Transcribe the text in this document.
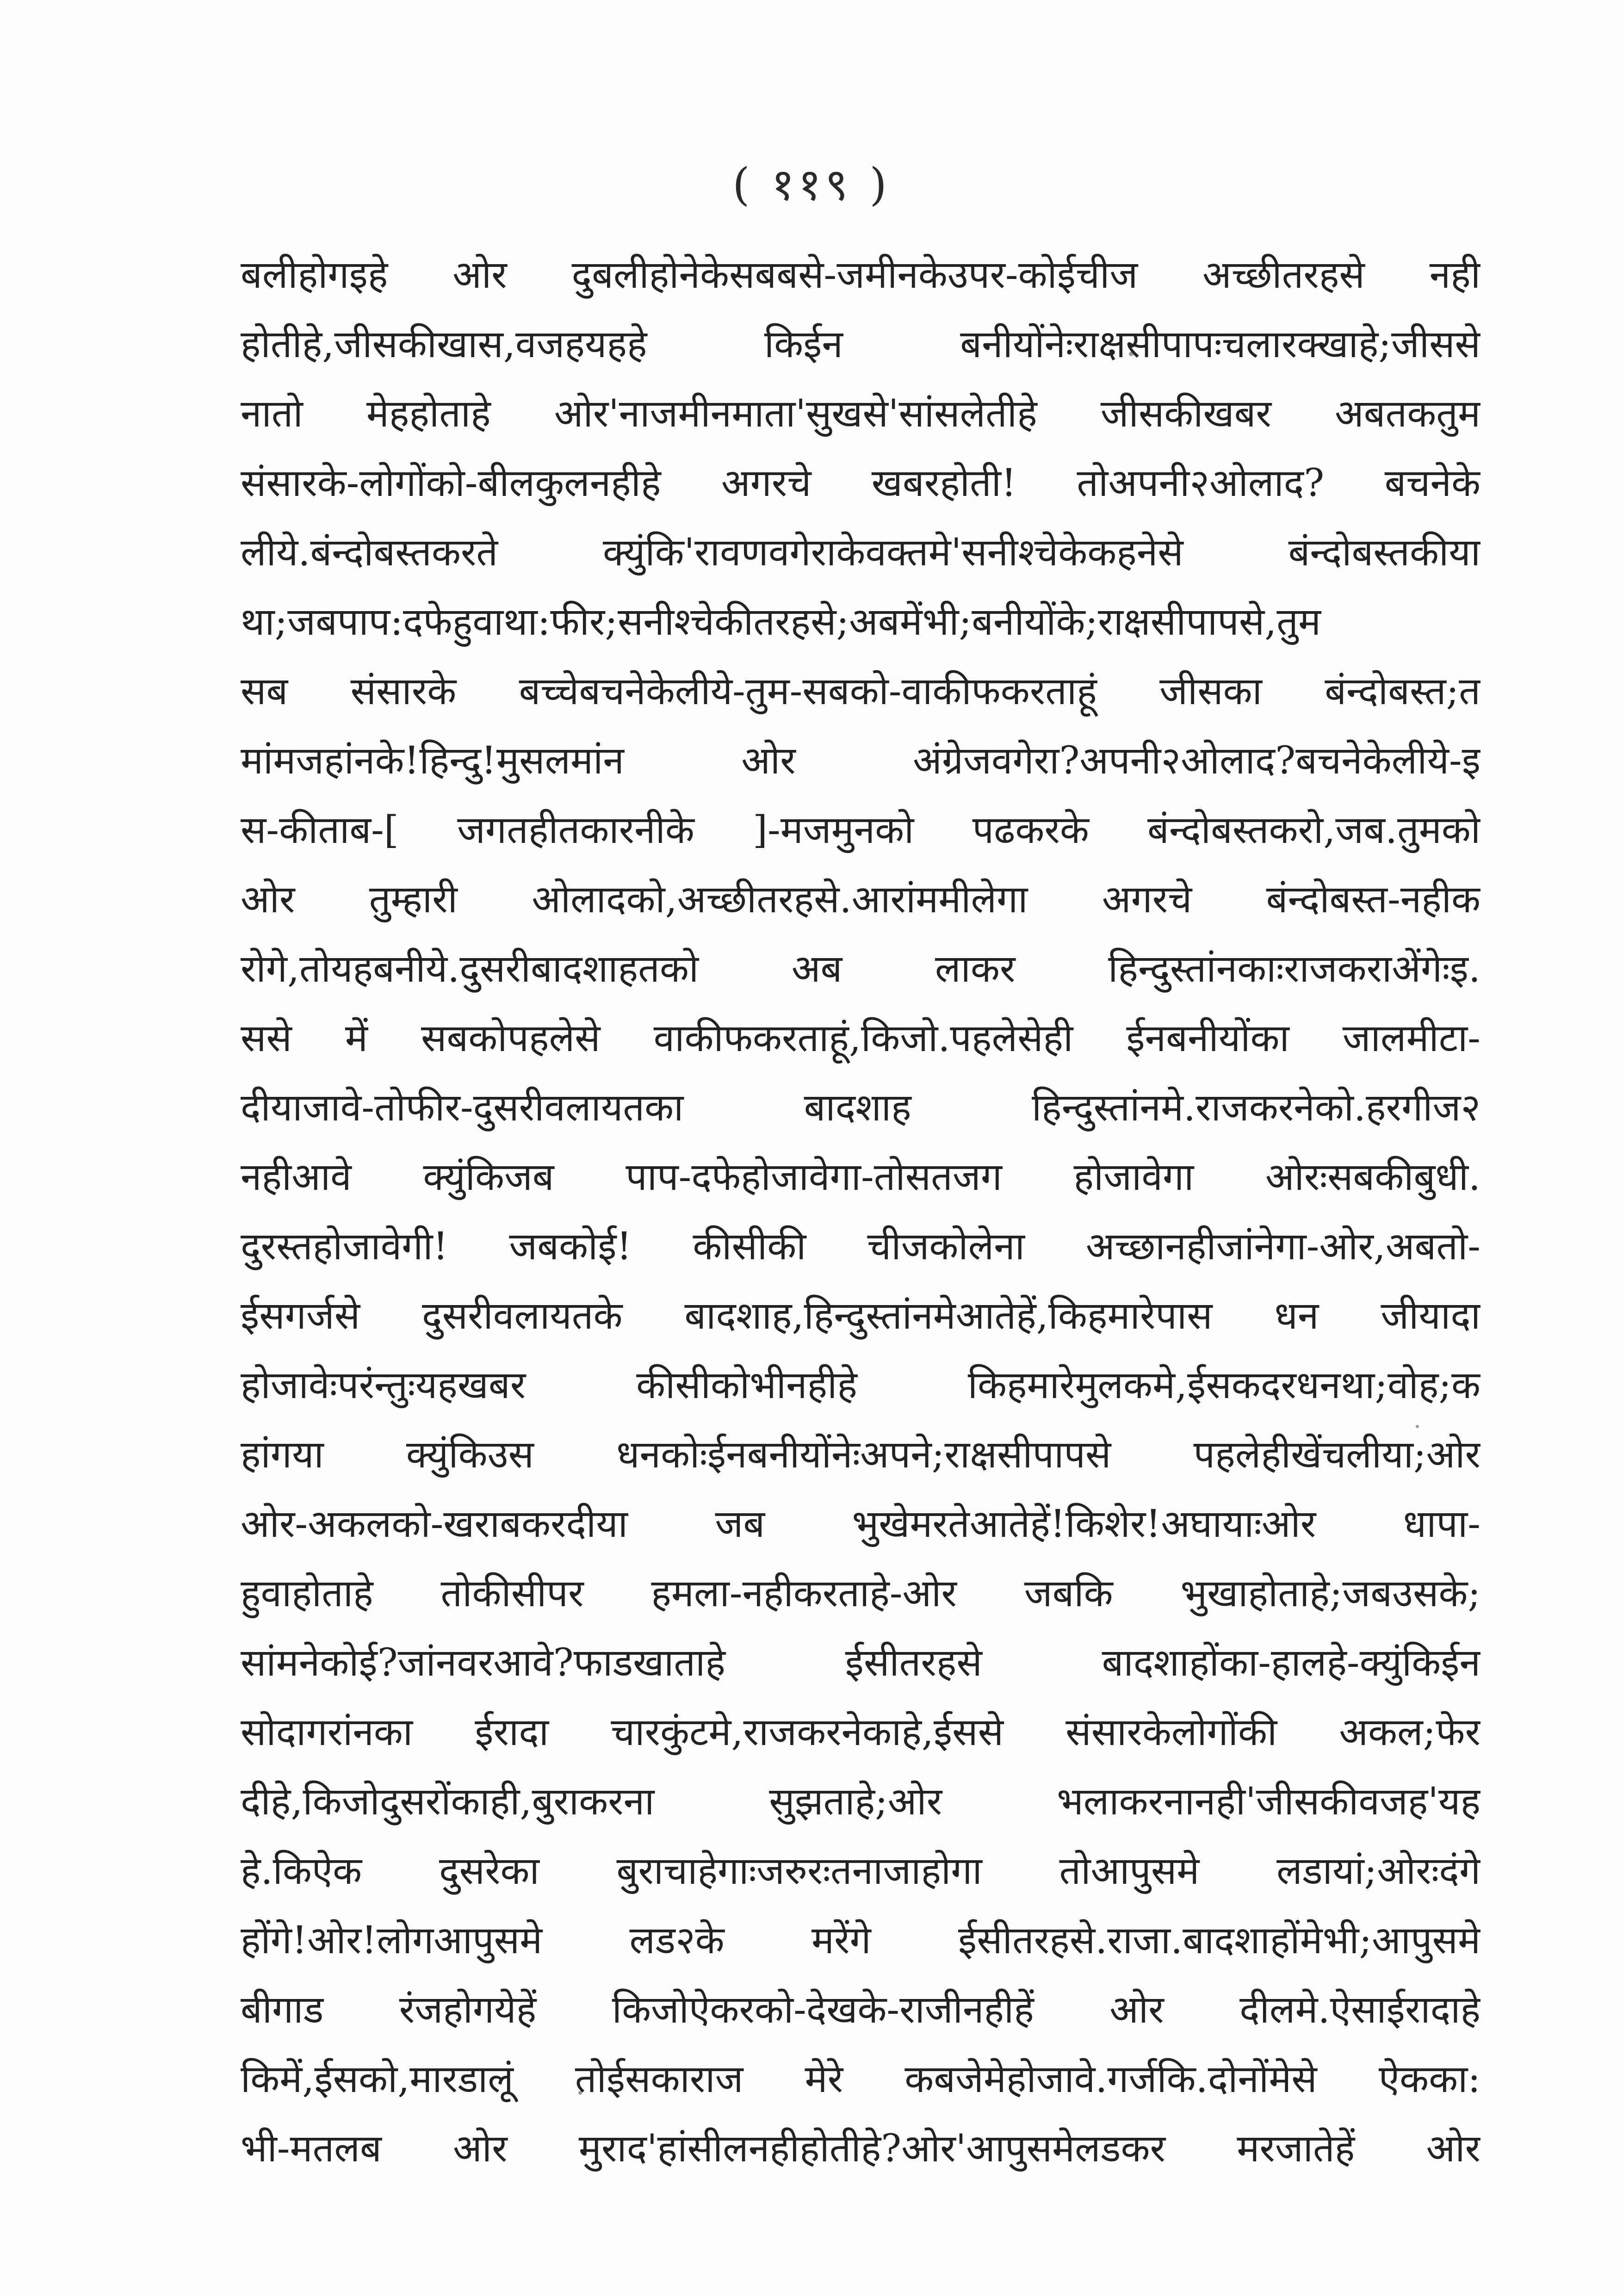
( ११९ )
बलीहोगइहे ओर दुबलीहोनेकेसबबसे-जमीनकेउपर-कोईचीज अच्छीतरहसे नही
होतीहे,जीसकीखास,वजहयहहे किईन बनीयोंनेःराक्षसीपापःचलारक्खाहे;जीससे
नातो मेहहोताहे ओर'नाजमीनमाता'सुखसे'सांसलेतीहे जीसकीखबर अबतकतुम
संसारके-लोगोंको-बीलकुलनहीहे अगरचे खबरहोती! तोअपनी२ओलाद? बचनेके
लीये.बंन्दोबस्तकरते क्युंकि'रावणवगेराकेवक्तमे'सनीश्चेकेकहनेसे बंन्दोबस्तकीया
था;जबपाप:दफेहुवाथा:फीर;सनीश्चेकीतरहसे;अबमेंभी;बनीयोंके;राक्षसीपापसे,तुम
सब संसारके बच्चेबचनेकेलीये-तुम-सबको-वाकीफकरताहूं जीसका बंन्दोबस्त;त
मांमजहांनके!हिन्दु!मुसलमांन ओर अंग्रेजवगेरा?अपनी२ओलाद?बचनेकेलीये-इ
स-कीताब-[ जगतहीतकारनीके ]-मजमुनको पढकरके बंन्दोबस्तकरो,जब.तुमको
ओर तुम्हारी ओलादको,अच्छीतरहसे.आरांममीलेगा अगरचे बंन्दोबस्त-नहीक
रोगे,तोयहबनीये.दुसरीबादशाहतको अब लाकर हिन्दुस्तांनकाःराजकराअेंगेःइ.
ससे में सबकोपहलेसे वाकीफकरताहूं,किजो.पहलेसेही ईनबनीयोंका जालमीटा-
दीयाजावे-तोफीर-दुसरीवलायतका बादशाह हिन्दुस्तांनमे.राजकरनेको.हरगीज२
नहीआवे क्युंकिजब पाप-दफेहोजावेगा-तोसतजग होजावेगा ओरःसबकीबुधी.
दुरस्तहोजावेगी! जबकोई! कीसीकी चीजकोलेना अच्छानहीजांनेगा-ओर,अबतो-
ईसगर्जसे दुसरीवलायतके बादशाह,हिन्दुस्तांनमेआतेहें,किहमारेपास धन जीयादा
होजावेःपरंन्तुःयहखबर कीसीकोभीनहीहे किहमारेमुलकमे,ईसकदरधनथा;वोह;क
हांगया क्युंकिउस धनकोःईनबनीयोंनेःअपने;राक्षसीपापसे पहलेहीखेंचलीया;ओर
ओर-अकलको-खराबकरदीया जब भुखेमरतेआतेहें!किशेर!अघायाःओर धापा-
हुवाहोताहे तोकीसीपर हमला-नहीकरताहे-ओर जबकि भुखाहोताहे;जबउसके;
सांमनेकोई?जांनवरआवे?फाडखाताहे ईसीतरहसे बादशाहोंका-हालहे-क्युंकिईन
सोदागरांनका ईरादा चारकुंटमे,राजकरनेकाहे,ईससे संसारकेलोगोंकी अकल;फेर
दीहे,किजोदुसरोंकाही,बुराकरना सुझताहे;ओर भलाकरनानही'जीसकीवजह'यह
हे.किऐक दुसरेका बुराचाहेगाःजरुरःतनाजाहोगा तोआपुसमे लडायां;ओरःदंगे
होंगे!ओर!लोगआपुसमे लड२के मरेंगे ईसीतरहसे.राजा.बादशाहोंमेभी;आपुसमे
बीगाड रंजहोगयेहें किजोऐकरको-देखके-राजीनहीहें ओर दीलमे.ऐसाईरादाहे
किमें,ईसको,मारडालूं तोईसकाराज मेरे कबजेमेहोजावे.गर्जकि.दोनोंमेसे ऐकका:
भी-मतलब ओर मुराद'हांसीलनहीहोतीहे?ओर'आपुसमेलडकर मरजातेहें ओर
